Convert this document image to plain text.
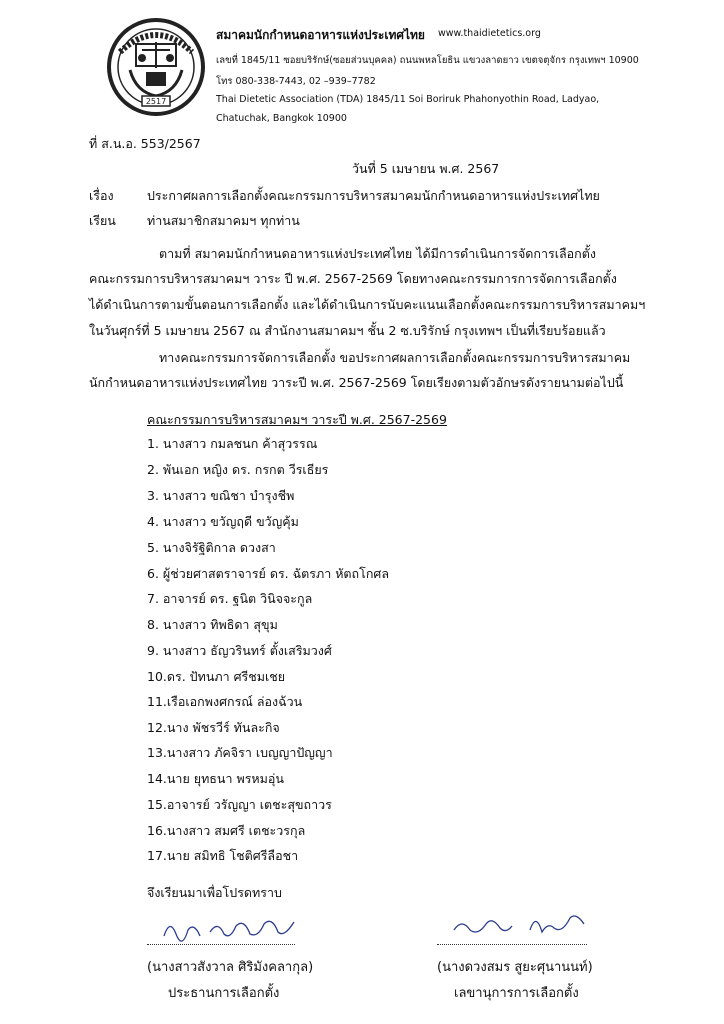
2517
สมาคมนักกำหนดอาหารแห่งประเทศไทย www.thaidietetics.org
เลขที่ 1845/11 ซอยบริรักษ์(ซอยส่วนบุคคล) ถนนพหลโยธิน แขวงลาดยาว เขตจตุจักร กรุงเทพฯ 10900
โทร 080-338-7443, 02 –939–7782
Thai Dietetic Association (TDA) 1845/11 Soi Boriruk Phahonyothin Road, Ladyao,
Chatuchak, Bangkok 10900
ที่ ส.น.อ. 553/2567
วันที่ 5 เมษายน พ.ศ. 2567
เรื่อง	ประกาศผลการเลือกตั้งคณะกรรมการบริหารสมาคมนักกำหนดอาหารแห่งประเทศไทย
เรียน ท่านสมาชิกสมาคมฯ ทุกท่าน
ตามที่ สมาคมนักกำหนดอาหารแห่งประเทศไทย ได้มีการดำเนินการจัดการเลือกตั้ง
คณะกรรมการบริหารสมาคมฯ วาระ ปี พ.ศ. 2567-2569 โดยทางคณะกรรมการการจัดการเลือกตั้ง
ได้ดำเนินการตามขั้นตอนการเลือกตั้ง และได้ดำเนินการนับคะแนนเลือกตั้งคณะกรรมการบริหารสมาคมฯ
ในวันศุกร์ที่ 5 เมษายน 2567 ณ สำนักงานสมาคมฯ ชั้น 2 ซ.บริรักษ์ กรุงเทพฯ เป็นที่เรียบร้อยแล้ว
ทางคณะกรรมการจัดการเลือกตั้ง ขอประกาศผลการเลือกตั้งคณะกรรมการบริหารสมาคม
นักกำหนดอาหารแห่งประเทศไทย วาระปี พ.ศ. 2567-2569 โดยเรียงตามตัวอักษรดังรายนามต่อไปนี้
คณะกรรมการบริหารสมาคมฯ วาระปี พ.ศ. 2567-2569
1. นางสาว กมลชนก ค้าสุวรรณ
2. พันเอก หญิง ดร. กรกต วีรเธียร
3. นางสาว ขณิชา บำรุงชีพ
4. นางสาว ขวัญฤดี ขวัญคุ้ม
5. นางจิรัฐิติกาล ดวงสา
6. ผู้ช่วยศาสตราจารย์ ดร. ฉัตรภา หัตถโกศล
7. อาจารย์ ดร. ฐนิต วินิจจะกูล
8. นางสาว ทิพธิดา สุขุม
9. นางสาว ธัญวรินทร์ ตั้งเสริมวงศ์
10.ดร. ปัทนภา ศรีชมเชย
11.เรือเอกพงศกรณ์ ล่องฉ้วน
12.นาง พัชรวีร์ ทันละกิจ
13.นางสาว ภัคจิรา เบญญาปัญญา
14.นาย ยุทธนา พรหมอุ่น
15.อาจารย์ วรัญญา เตชะสุขถาวร
16.นางสาว สมศรี เตชะวรกุล
17.นาย สมิทธิ โชติศรีลือชา
จึงเรียนมาเพื่อโปรดทราบ
(นางสาวสังวาล ศิริมังคลากุล)
ประธานการเลือกตั้ง
(นางดวงสมร สูยะศุนานนท์)
เลขานุการการเลือกตั้ง
